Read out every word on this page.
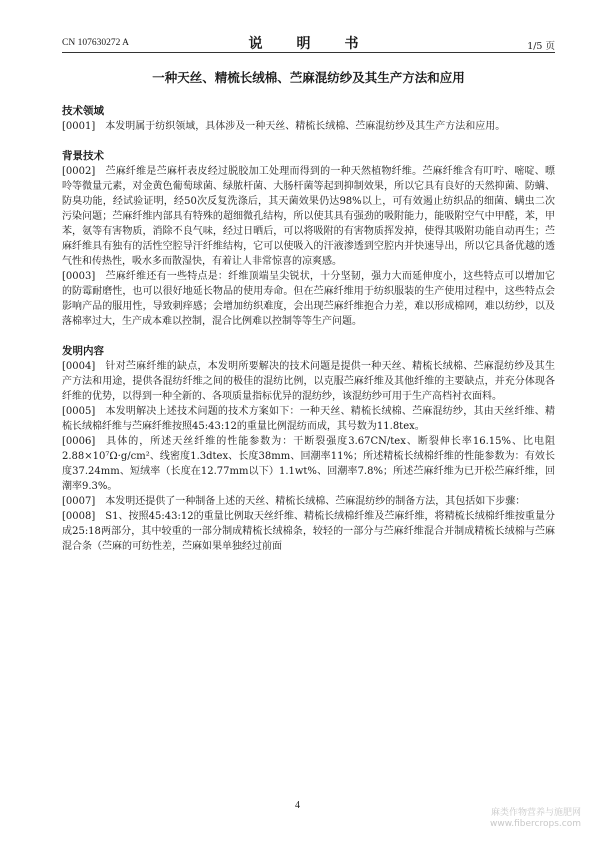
CN 107630272 A	说　明　书	1/5 页
一种天丝、精梳长绒棉、苎麻混纺纱及其生产方法和应用

技术领域

[0001] 本发明属于纺织领域，具体涉及一种天丝、精梳长绒棉、苎麻混纺纱及其生产方法和应用。

背景技术

[0002] 苎麻纤维是苎麻杆表皮经过脱胶加工处理而得到的一种天然植物纤维。苎麻纤维含有叮咛、嘧啶、嘌呤等微量元素，对金黄色葡萄球菌、绿脓杆菌、大肠杆菌等起到抑制效果，所以它具有良好的天然抑菌、防螨、防臭功能，经试验证明，经50次反复洗涤后，其天菌效果仍达98%以上，可有效遏止纺织品的细菌、螨虫二次污染问题；苎麻纤维内部具有特殊的超细微孔结构，所以使其具有强劲的吸附能力，能吸附空气中甲醛，苯，甲苯，氨等有害物质，消除不良气味，经过日晒后，可以将吸附的有害物质挥发掉，使得其吸附功能自动再生；苎麻纤维具有独有的活性空腔导汗纤维结构，它可以使吸入的汗液渗透到空腔内并快速导出，所以它具备优越的透气性和传热性，吸水多而散湿快，有着让人非常惊喜的凉爽感。

[0003] 苎麻纤维还有一些特点是：纤维顶端呈尖锐状，十分坚韧，强力大而延伸度小，这些特点可以增加它的防霉耐磨性，也可以很好地延长物品的使用寿命。但在苎麻纤维用于纺织服装的生产使用过程中，这些特点会影响产品的服用性，导致刺痒感；会增加纺织难度，会出现苎麻纤维抱合力差，难以形成棉网，难以纺纱，以及落棉率过大，生产成本难以控制，混合比例难以控制等等生产问题。

发明内容

[0004] 针对苎麻纤维的缺点，本发明所要解决的技术问题是提供一种天丝、精梳长绒棉、苎麻混纺纱及其生产方法和用途，提供各混纺纤维之间的极佳的混纺比例，以克服苎麻纤维及其他纤维的主要缺点，并充分体现各纤维的优势，以得到一种全新的、各项质量指标优异的混纺纱，该混纺纱可用于生产高档衬衣面料。

[0005] 本发明解决上述技术问题的技术方案如下：一种天丝、精梳长绒棉、苎麻混纺纱，其由天丝纤维、精梳长绒棉纤维与苎麻纤维按照45:43:12的重量比例混纺而成，其号数为11.8tex。

[0006] 具体的，所述天丝纤维的性能参数为：干断裂强度3.67CN/tex、断裂伸长率16.15%、比电阻2.88×10⁷Ω·g/cm²、线密度1.3dtex、长度38mm、回潮率11%；所述精梳长绒棉纤维的性能参数为：有效长度37.24mm、短绒率（长度在12.77mm以下）1.1wt%、回潮率7.8%；所述苎麻纤维为已开松苎麻纤维，回潮率9.3%。

[0007] 本发明还提供了一种制备上述的天丝、精梳长绒棉、苎麻混纺纱的制备方法，其包括如下步骤：

[0008] S1、按照45:43:12的重量比例取天丝纤维、精梳长绒棉纤维及苎麻纤维，将精梳长绒棉纤维按重量分成25:18两部分，其中较重的一部分制成精梳长绒棉条，较轻的一部分与苎麻纤维混合并制成精梳长绒棉与苎麻混合条（苎麻的可纺性差，苎麻如果单独经过前面

4
麻类作物营养与施肥网
www.fibercrops.com
